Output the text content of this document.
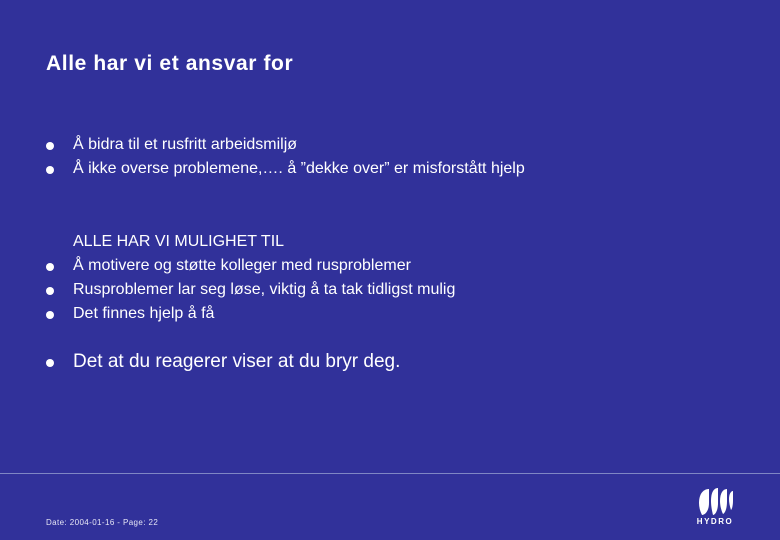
Alle har vi et ansvar for
Å bidra til et rusfritt arbeidsmiljø
Å ikke overse problemene,…. å ”dekke over” er misforstått hjelp
ALLE HAR VI MULIGHET TIL
Å motivere og støtte kolleger med rusproblemer
Rusproblemer lar seg løse, viktig å ta tak tidligst mulig
Det finnes hjelp å få
Det at du reagerer viser at du bryr deg.
Date: 2004-01-16 - Page: 22	HYDRO
